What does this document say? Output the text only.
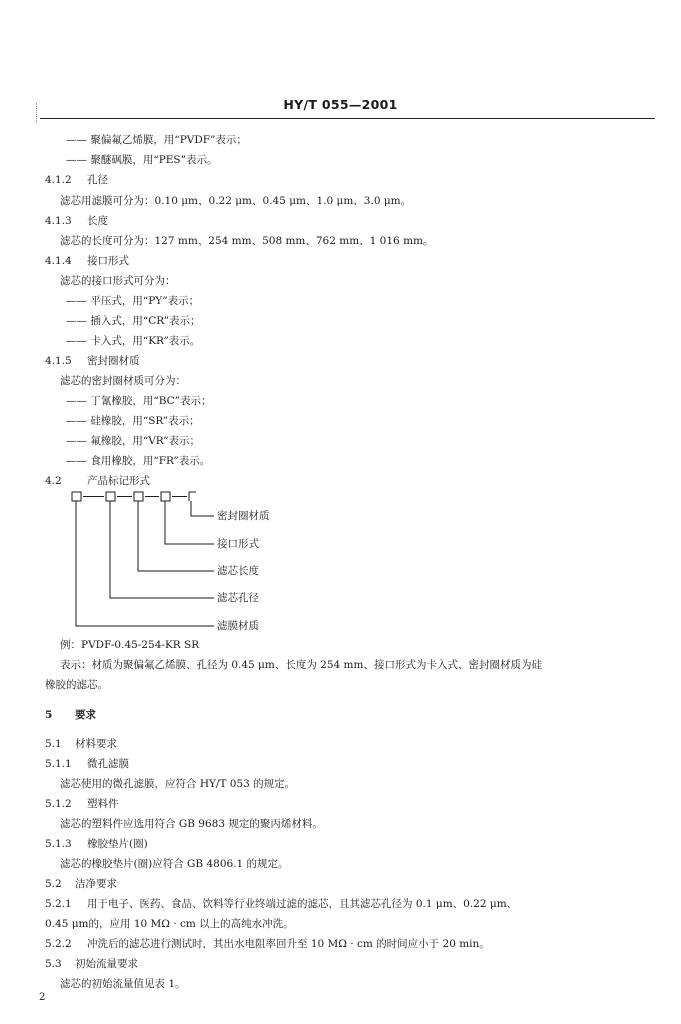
HY/T 055—2001
—— 聚偏氟乙烯膜，用“PVDF”表示；
—— 聚醚砜膜，用“PES”表示。
4.1.2 孔径
滤芯用滤膜可分为：0.10 μm、0.22 μm、0.45 μm、1.0 μm、3.0 μm。
4.1.3 长度
滤芯的长度可分为：127 mm、254 mm、508 mm、762 mm、1 016 mm。
4.1.4 接口形式
滤芯的接口形式可分为：
—— 平压式，用“PY”表示；
—— 插入式，用“CR”表示；
—— 卡入式，用“KR”表示。
4.1.5 密封圈材质
滤芯的密封圈材质可分为：
—— 丁氰橡胶，用“BC”表示；
—— 硅橡胶，用“SR”表示；
—— 氟橡胶，用“VR”表示；
—— 食用橡胶，用“FR”表示。
4.2 产品标记形式
密封圈材质
接口形式
滤芯长度
滤芯孔径
滤膜材质
例：PVDF-0.45-254-KR SR
表示：材质为聚偏氟乙烯膜、孔径为 0.45 μm、长度为 254 mm、接口形式为卡入式、密封圈材质为硅
橡胶的滤芯。
5 要求
5.1 材料要求
5.1.1 微孔滤膜
滤芯使用的微孔滤膜，应符合 HY/T 053 的规定。
5.1.2 塑料件
滤芯的塑料件应选用符合 GB 9683 规定的聚丙烯材料。
5.1.3 橡胶垫片(圈)
滤芯的橡胶垫片(圈)应符合 GB 4806.1 的规定。
5.2 洁净要求
5.2.1 用于电子、医药、食品、饮料等行业终端过滤的滤芯，且其滤芯孔径为 0.1 μm、0.22 μm、
0.45 μm的，应用 10 MΩ · cm 以上的高纯水冲洗。
5.2.2 冲洗后的滤芯进行测试时，其出水电阻率回升至 10 MΩ · cm 的时间应小于 20 min。
5.3 初始流量要求
滤芯的初始流量值见表 1。
2
